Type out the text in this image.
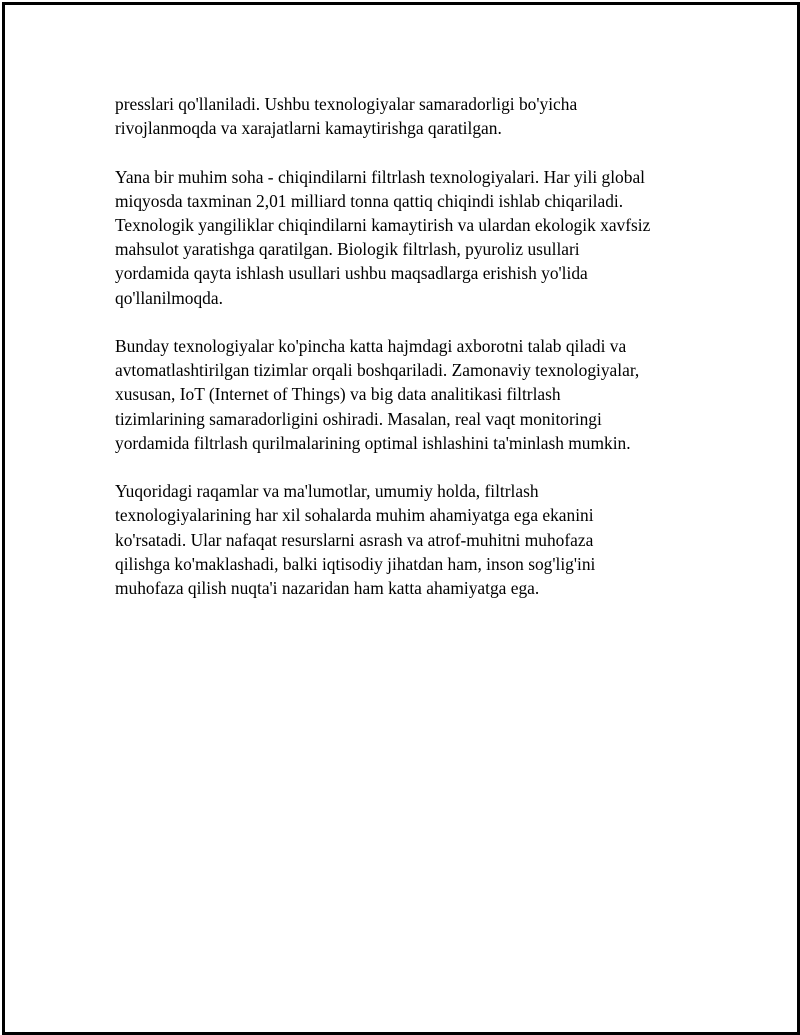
presslari qo'llaniladi. Ushbu texnologiyalar samaradorligi bo'yicha
rivojlanmoqda va xarajatlarni kamaytirishga qaratilgan.

Yana bir muhim soha - chiqindilarni filtrlash texnologiyalari. Har yili global
miqyosda taxminan 2,01 milliard tonna qattiq chiqindi ishlab chiqariladi.
Texnologik yangiliklar chiqindilarni kamaytirish va ulardan ekologik xavfsiz
mahsulot yaratishga qaratilgan. Biologik filtrlash, pyuroliz usullari
yordamida qayta ishlash usullari ushbu maqsadlarga erishish yo'lida
qo'llanilmoqda.

Bunday texnologiyalar ko'pincha katta hajmdagi axborotni talab qiladi va
avtomatlashtirilgan tizimlar orqali boshqariladi. Zamonaviy texnologiyalar,
xususan, IoT (Internet of Things) va big data analitikasi filtrlash
tizimlarining samaradorligini oshiradi. Masalan, real vaqt monitoringi
yordamida filtrlash qurilmalarining optimal ishlashini ta'minlash mumkin.

Yuqoridagi raqamlar va ma'lumotlar, umumiy holda, filtrlash
texnologiyalarining har xil sohalarda muhim ahamiyatga ega ekanini
ko'rsatadi. Ular nafaqat resurslarni asrash va atrof-muhitni muhofaza
qilishga ko'maklashadi, balki iqtisodiy jihatdan ham, inson sog'lig'ini
muhofaza qilish nuqta'i nazaridan ham katta ahamiyatga ega.
